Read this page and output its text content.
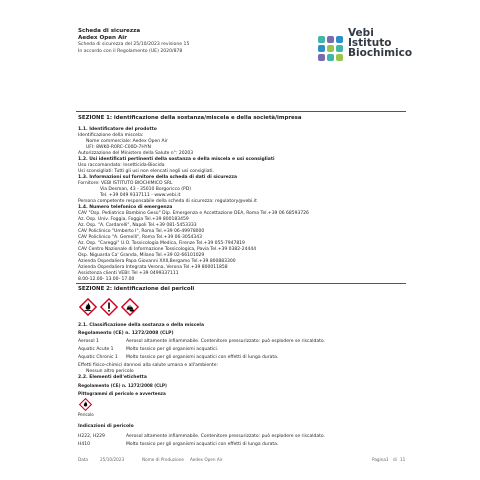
Scheda di sicurezza
Aedex Open Air
Scheda di sicurezza del 25/10/2023 revisione 15
In accordo con il Regolamento (UE) 2020/878
Vebi
Istituto
Biochimico
SEZIONE 1: identificazione della sostanza/miscela e della società/impresa
1.1. Identificatore del prodotto
Identificazione della miscela:
Nome commerciale: Aedex Open Air
UFI: 8WK0-R0RC-C00D-7HYN
Autorizzazione del Ministero della Salute n°: 20203
1.2. Usi identificati pertinenti della sostanza o della miscela e usi sconsigliati
Uso raccomandato: Insetticida-Biocida
Usi sconsigliati: Tutti gli usi non elencati negli usi consigliati.
1.3. Informazioni sul fornitore della scheda di dati di sicurezza
Fornitore: VEBI ISTITUTO BIOCHIMICO SRL
Via Desman, 43 - 35010 Borgoricco (PD)
Tel. +39 049 9337111 - www.vebi.it
Persona competente responsabile della scheda di sicurezza: regulatory@vebi.it
1.4. Numero telefonico di emergenza
CAV "Osp. Pediatrico Bambino Gesù" Dip. Emergenza e Accettazione DEA, Roma Tel.+39 06 68593726
Az. Osp. Univ. Foggia, Foggia Tel.+39 800183459
Az. Osp. "A. Cardarelli", Napoli Tel.+39 081-5453333
CAV Policlinico "Umberto I", Roma Tel.+39 06-49978000
CAV Policlinico "A. Gemelli", Roma Tel.+39 06-3054343
Az. Osp. "Careggi" U.O. Tossicologia Medica, Firenze Tel.+39 055-7947819
CAV Centro Nazionale di Informazione Tossicologica, Pavia Tel.+39 0382-24444
Osp. Niguarda Ca' Granda, Milano Tel.+39 02-66101029
Azienda Ospedaliera Papa Giovanni XXII,Bergamo Tel.+39 800883300
Azienda Ospedaliera Integrata Verona, Verona Tel.+39 800011858
Assistenza clienti VEBI: Tel +39 0499337111
8.00-12.00- 13.00- 17.00
SEZIONE 2: identificazione dei pericoli
2.1. Classificazione della sostanza o della miscela
Regolamento (CE) n. 1272/2008 (CLP)
Aerosol 1	Aerosol altamente infiammabile. Contenitore pressurizzato: può esplodere se riscaldato.
Aquatic Acute 1	Molto tossico per gli organismi acquatici.
Aquatic Chronic 1 Molto tossico per gli organismi acquatici con effetti di lunga durata.
Effetti fisico-chimici dannosi alla salute umana e all'ambiente:
Nessun altro pericolo
2.2. Elementi dell'etichetta
Regolamento (CE) n. 1272/2008 (CLP)
Pittogrammi di pericolo e avvertenza
Pericolo
Indicazioni di pericolo
H222, H229	Aerosol altamente infiammabile. Contenitore pressurizzato: può esplodere se riscaldato.
H410	Molto tossico per gli organismi acquatici con effetti di lunga durata.
Data	25/10/2023	Nome di Produzione Aedex Open Air	Pagina 1 di 11
